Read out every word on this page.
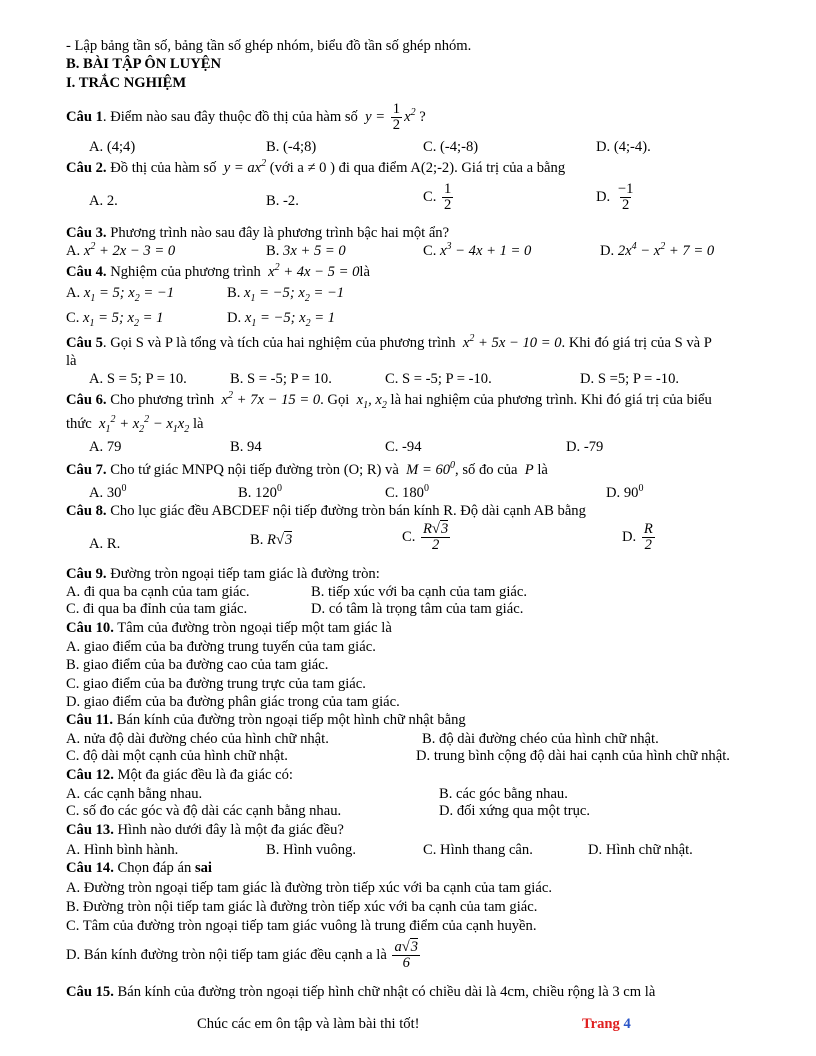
- Lập bảng tần số, bảng tần số ghép nhóm, biểu đồ tần số ghép nhóm.
B. BÀI TẬP ÔN LUYỆN
I. TRẮC NGHIỆM
Câu 1. Điểm nào sau đây thuộc đồ thị của hàm số  $y = \frac{1}{2} x^2$ ?
A. (4;4)	B. (-4;8)	C. (-4;-8)	D. (4;-4).
Câu 2. Đồ thị của hàm số  $y = ax^2$ (với a ≠ 0 ) đi qua điểm A(2;-2). Giá trị của a bằng
A. 2.	B. -2.	C. $\frac{1}{2}$	D. $\frac{-1}{2}$
Câu 3. Phương trình nào sau đây là phương trình bậc hai một ẩn?
A. $x^2 + 2x - 3 = 0$	B. 3x + 5 = 0	C. $x^3 - 4x + 1 = 0$	D. $2x^4 - x^2 + 7 = 0$
Câu 4. Nghiệm của phương trình  $x^2 + 4x - 5$ = 0là
A. $x_1 = 5$; $x_2 = -1$	B. $x_1 = -5$; $x_2 = -1$
C. $x_1 = 5$; $x_2 = 1$	D. $x_1 = -5$; $x_2 = 1$
Câu 5. Gọi S và P là tổng và tích của hai nghiệm của phương trình  $x^2 + 5x - 10 = 0$. Khi đó giá trị của S và P
là
A. S = 5; P = 10.	B. S = -5; P = 10.	C. S = -5; P = -10.	D. S =5; P = -10.
Câu 6. Cho phương trình  $x^2 + 7x - 15 = 0$. Gọi  $x_1$, $x_2$ là hai nghiệm của phương trình. Khi đó giá trị của biểu
thức  $x_1^2 + x_2^2 - x_1x_2$ là
A. 79	B. 94	C. -94	D. -79
Câu 7. Cho tứ giác MNPQ nội tiếp đường tròn (O; R) và  $M = 60^0$, số đo của  P là
A. $30^0$	B. $120^0$	C. $180^0$	D. $90^0$
Câu 8. Cho lục giác đều ABCDEF nội tiếp đường tròn bán kính R. Độ dài cạnh AB bằng
A. R.	B. R√3	C. $\frac{R√3}{2}$	D. $\frac{R}{2}$
Câu 9. Đường tròn ngoại tiếp tam giác là đường tròn:
A. đi qua ba cạnh của tam giác.	B. tiếp xúc với ba cạnh của tam giác.
C. đi qua ba đỉnh của tam giác.	D. có tâm là trọng tâm của tam giác.
Câu 10. Tâm của đường tròn ngoại tiếp một tam giác là
A. giao điểm của ba đường trung tuyến của tam giác.
B. giao điểm của ba đường cao của tam giác.
C. giao điểm của ba đường trung trực của tam giác.
D. giao điểm của ba đường phân giác trong của tam giác.
Câu 11. Bán kính của đường tròn ngoại tiếp một hình chữ nhật bằng
A. nửa độ dài đường chéo của hình chữ nhật.	B. độ dài đường chéo của hình chữ nhật.
C. độ dài một cạnh của hình chữ nhật.	D. trung bình cộng độ dài hai cạnh của hình chữ nhật.
Câu 12. Một đa giác đều là đa giác có:
A. các cạnh bằng nhau.	B. các góc bằng nhau.
C. số đo các góc và độ dài các cạnh bằng nhau.	D. đối xứng qua một trục.
Câu 13. Hình nào dưới đây là một đa giác đều?
A. Hình bình hành.	B. Hình vuông.	C. Hình thang cân.	D. Hình chữ nhật.
Câu 14. Chọn đáp án sai
A. Đường tròn ngoại tiếp tam giác là đường tròn tiếp xúc với ba cạnh của tam giác.
B. Đường tròn nội tiếp tam giác là đường tròn tiếp xúc với ba cạnh của tam giác.
C. Tâm của đường tròn ngoại tiếp tam giác vuông là trung điểm của cạnh huyền.
D. Bán kính đường tròn nội tiếp tam giác đều cạnh a là $\frac{a√3}{6}$
Câu 15. Bán kính của đường tròn ngoại tiếp hình chữ nhật có chiều dài là 4cm, chiều rộng là 3 cm là
Chúc các em ôn tập và làm bài thi tốt!	Trang 4
